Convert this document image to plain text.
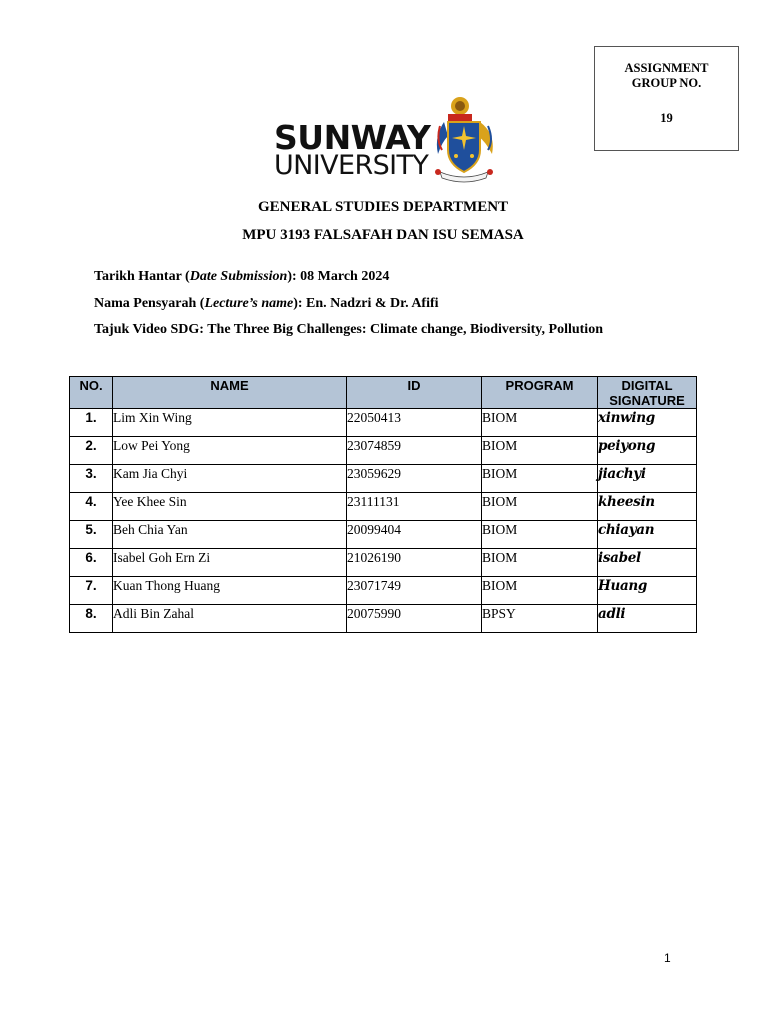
ASSIGNMENT
GROUP NO.
19
SUNWAY
UNIVERSITY
GENERAL STUDIES DEPARTMENT
MPU 3193 FALSAFAH DAN ISU SEMASA
Tarikh Hantar (Date Submission): 08 March 2024
Nama Pensyarah (Lecture’s name): En. Nadzri & Dr. Afifi
Tajuk Video SDG: The Three Big Challenges: Climate change, Biodiversity, Pollution
NO.	NAME	ID	PROGRAM	DIGITAL SIGNATURE
1.	Lim Xin Wing	22050413	BIOM	xinwing
2.	Low Pei Yong	23074859	BIOM	peiyong
3.	Kam Jia Chyi	23059629	BIOM	jiachyi
4.	Yee Khee Sin	23111131	BIOM	kheesin
5.	Beh Chia Yan	20099404	BIOM	chiayan
6.	Isabel Goh Ern Zi	21026190	BIOM	isabel
7.	Kuan Thong Huang	23071749	BIOM	Huang
8.	Adli Bin Zahal	20075990	BPSY	adli
1
